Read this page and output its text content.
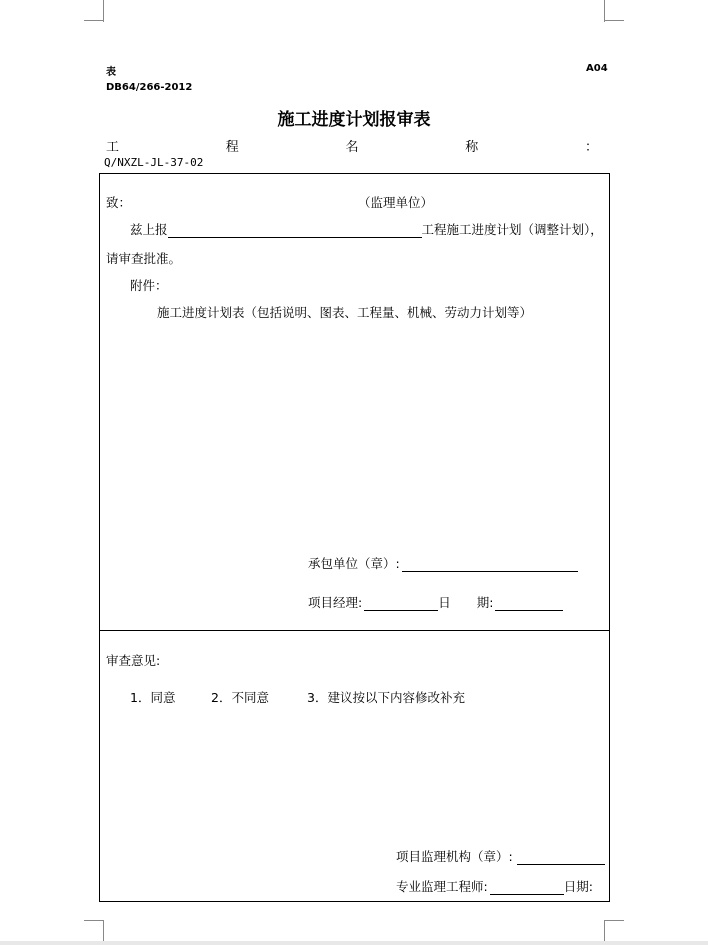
表	A04
DB64/266-2012
施工进度计划报审表
工	程	名	称	：
Q/NXZL-JL-37-02
致：	（监理单位）
兹上报	工程施工进度计划（调整计划），
请审查批准。
附件：
施工进度计划表（包括说明、图表、工程量、机械、劳动力计划等）
承包单位（章）:
项目经理:	日 期:
审查意见:
1．同意	2．不同意	3．建议按以下内容修改补充
项目监理机构（章）:
专业监理工程师:	日期:
